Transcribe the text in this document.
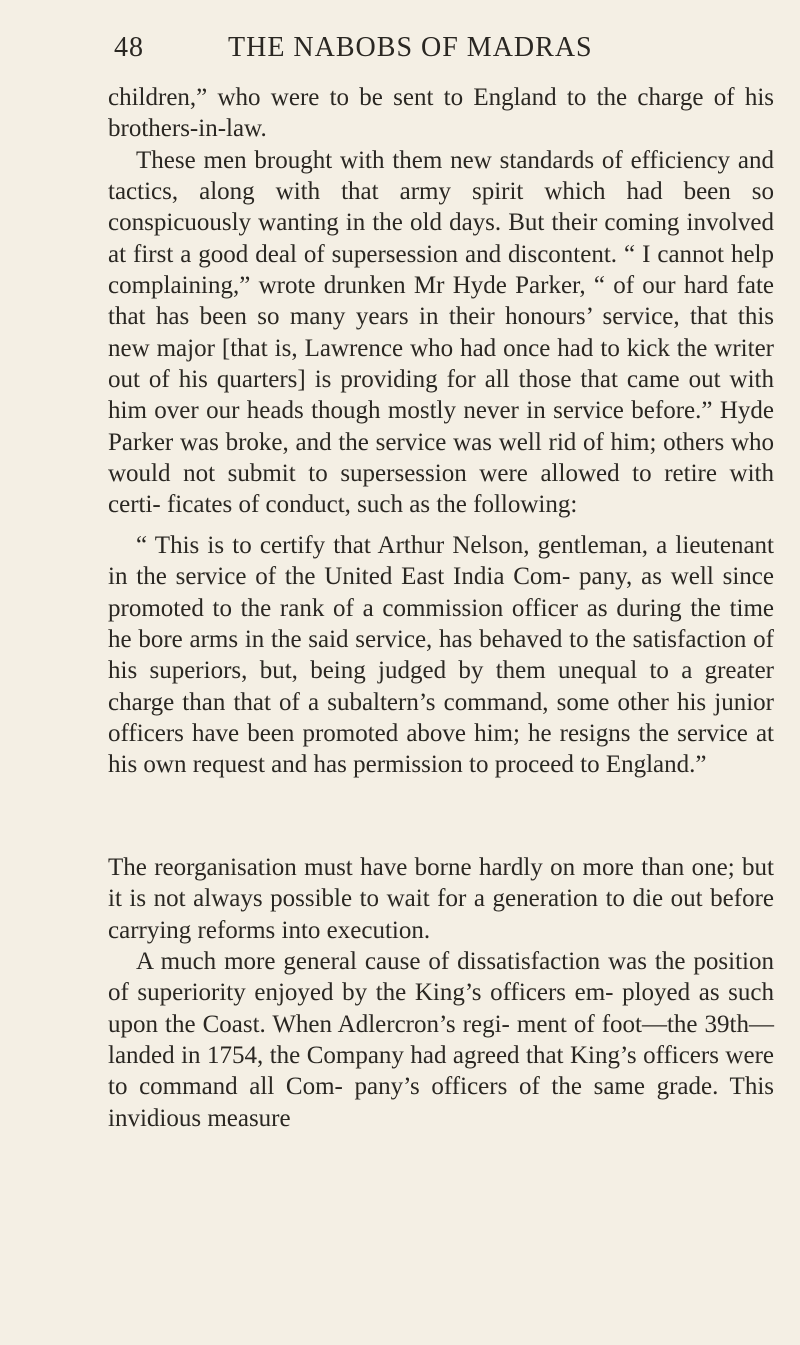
48	THE NABOBS OF MADRAS

children,” who were to be sent to England to the charge of his brothers-in-law.

These men brought with them new standards of efficiency and tactics, along with that army spirit which had been so conspicuously wanting in the old days. But their coming involved at first a good deal of supersession and discontent. “ I cannot help complaining,” wrote drunken Mr Hyde Parker, “ of our hard fate that has been so many years in their honours’ service, that this new major [that is, Lawrence who had once had to kick the writer out of his quarters] is providing for all those that came out with him over our heads though mostly never in service before.” Hyde Parker was broke, and the service was well rid of him; others who would not submit to supersession were allowed to retire with certi- ficates of conduct, such as the following:

“ This is to certify that Arthur Nelson, gentleman, a lieutenant in the service of the United East India Com- pany, as well since promoted to the rank of a commission officer as during the time he bore arms in the said service, has behaved to the satisfaction of his superiors, but, being judged by them unequal to a greater charge than that of a subaltern’s command, some other his junior officers have been promoted above him; he resigns the service at his own request and has permission to proceed to England.”

The reorganisation must have borne hardly on more than one; but it is not always possible to wait for a generation to die out before carrying reforms into execution.

A much more general cause of dissatisfaction was the position of superiority enjoyed by the King’s officers em- ployed as such upon the Coast. When Adlercron’s regi- ment of foot—the 39th—landed in 1754, the Company had agreed that King’s officers were to command all Com- pany’s officers of the same grade. This invidious measure
